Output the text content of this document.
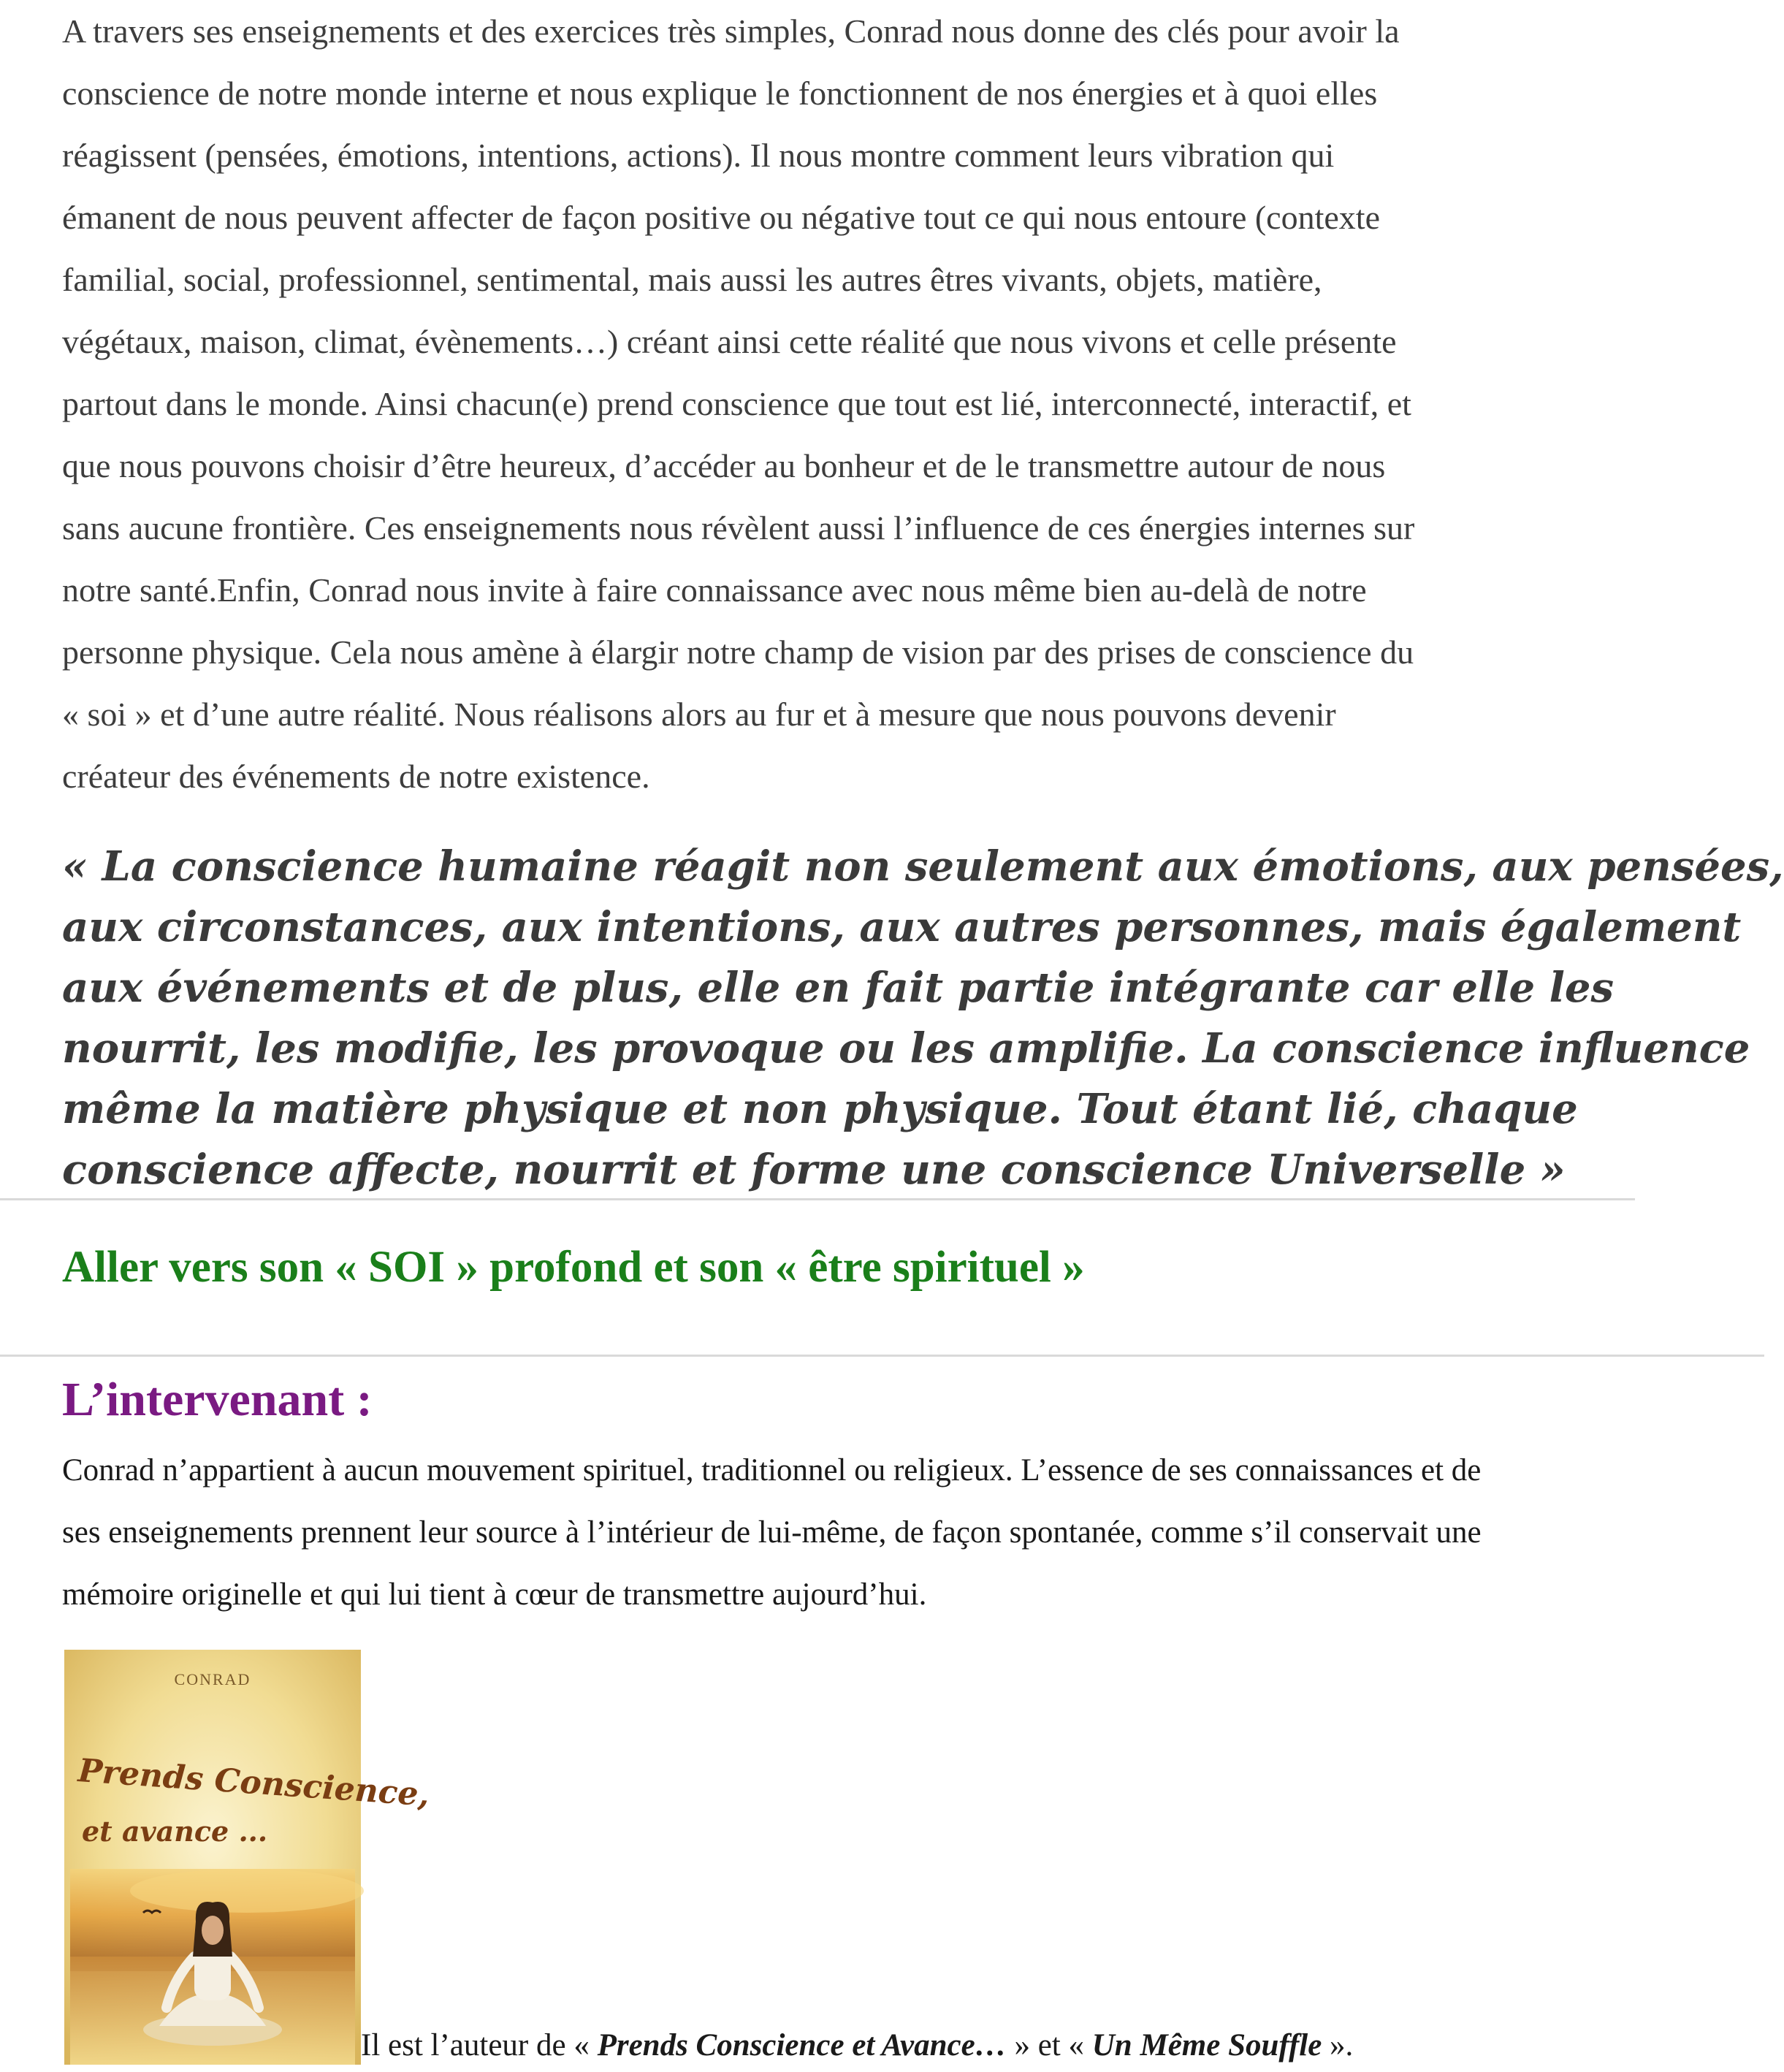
A travers ses enseignements et des exercices très simples, Conrad nous donne des clés pour avoir la
conscience de notre monde interne et nous explique le fonctionnent de nos énergies et à quoi elles
réagissent (pensées, émotions, intentions, actions). Il nous montre comment leurs vibration qui
émanent de nous peuvent affecter de façon positive ou négative tout ce qui nous entoure (contexte
familial, social, professionnel, sentimental, mais aussi les autres êtres vivants, objets, matière,
végétaux, maison, climat, évènements…) créant ainsi cette réalité que nous vivons et celle présente
partout dans le monde. Ainsi chacun(e) prend conscience que tout est lié, interconnecté, interactif, et
que nous pouvons choisir d’être heureux, d’accéder au bonheur et de le transmettre autour de nous
sans aucune frontière. Ces enseignements nous révèlent aussi l’influence de ces énergies internes sur
notre santé.Enfin, Conrad nous invite à faire connaissance avec nous même bien au-delà de notre
personne physique. Cela nous amène à élargir notre champ de vision par des prises de conscience du
« soi » et d’une autre réalité. Nous réalisons alors au fur et à mesure que nous pouvons devenir
créateur des événements de notre existence.

« La conscience humaine réagit non seulement aux émotions, aux pensées,
aux circonstances, aux intentions, aux autres personnes, mais également
aux événements et de plus, elle en fait partie intégrante car elle les
nourrit, les modifie, les provoque ou les amplifie. La conscience influence
même la matière physique et non physique. Tout étant lié, chaque
conscience affecte, nourrit et forme une conscience Universelle »
Aller vers son « SOI » profond et son « être spirituel »
L’intervenant :

Conrad n’appartient à aucun mouvement spirituel, traditionnel ou religieux. L’essence de ses connaissances et de
ses enseignements prennent leur source à l’intérieur de lui-même, de façon spontanée, comme s’il conservait une
mémoire originelle et qui lui tient à cœur de transmettre aujourd’hui.

CONRAD
Prends Conscience,
et avance ...

Il est l’auteur de « Prends Conscience et Avance… » et « Un Même Souffle ».
